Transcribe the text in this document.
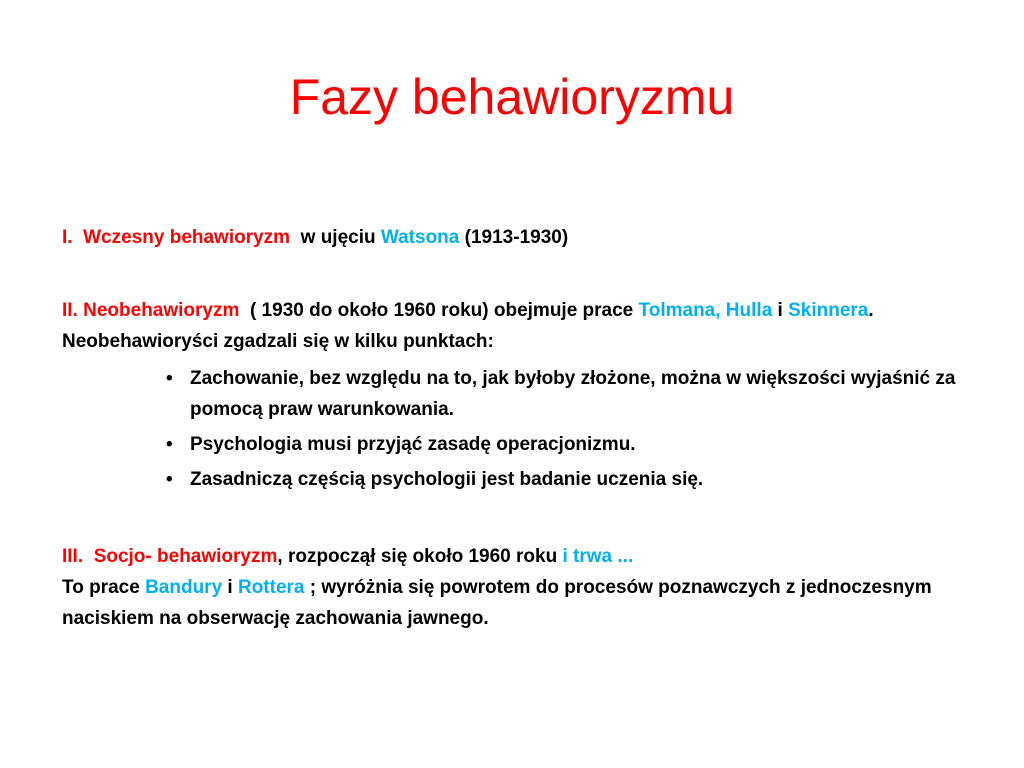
Fazy behawioryzmu
I. Wczesny behawioryzm w ujęciu Watsona (1913-1930)
II. Neobehawioryzm ( 1930 do około 1960 roku) obejmuje prace Tolmana, Hulla i Skinnera. Neobehawioryści zgadzali się w kilku punktach:
• Zachowanie, bez względu na to, jak byłoby złożone, można w większości wyjaśnić za pomocą praw warunkowania.
• Psychologia musi przyjąć zasadę operacjonizmu.
• Zasadniczą częścią psychologii jest badanie uczenia się.
III. Socjo- behawioryzm, rozpoczął się około 1960 roku i trwa ...
To prace Bandury i Rottera ; wyróżnia się powrotem do procesów poznawczych z jednoczesnym naciskiem na obserwację zachowania jawnego.
